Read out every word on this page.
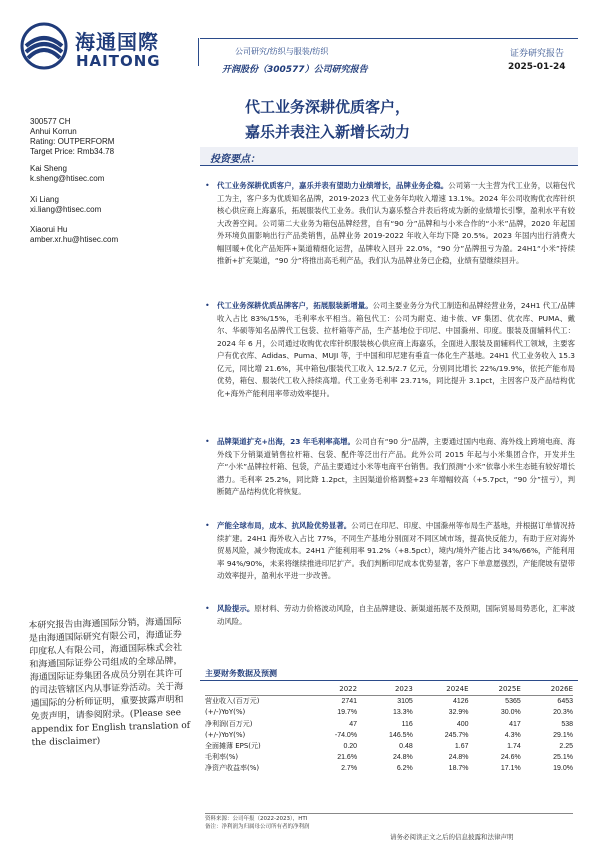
海通国際
HAITONG
公司研究/纺织与服装/纺织
开润股份（300577）公司研究报告
证券研究报告
2025-01-24
代工业务深耕优质客户，
嘉乐并表注入新增长动力
300577 CH
Anhui Korrun
Rating: OUTPERFORM
Target Price: Rmb34.78
Kai Sheng
k.sheng@htisec.com
Xi Liang
xi.liang@htisec.com
Xiaorui Hu
amber.xr.hu@htisec.com
投资要点：
• 代工业务深耕优质客户，嘉乐并表有望助力业绩增长，品牌业务企稳。公司第一大主营为代工业务，以箱包代工为主，客户多为优质知名品牌，2019-2023 代工业务年均收入增速 13.1%。2024 年公司收购优衣库针织核心供应商上海嘉乐，拓展服装代工业务。我们认为嘉乐整合并表后将成为新的业绩增长引擎，盈利水平有较大改善空间。公司第二大业务为箱包品牌经营，自有“90 分”品牌和与小米合作的“小米”品牌，2020 年起国外环境负面影响出行产品类销售，品牌业务 2019-2022 年收入年均下降 20.5%。2023 年国内出行消费大幅回暖+优化产品矩阵+渠道精细化运营，品牌收入回升 22.0%，“90 分”品牌扭亏为盈。24H1“小米”持续推新+扩充渠道，“90 分”将推出高毛利产品，我们认为品牌业务已企稳，业绩有望继续回升。
• 代工业务深耕优质品牌客户，拓展服装新增量。公司主要业务分为代工制造和品牌经营业务，24H1 代工/品牌收入占比 83%/15%，毛利率水平相当。箱包代工：公司为耐克、迪卡侬、VF 集团、优衣库、PUMA、戴尔、华硕等知名品牌代工包袋、拉杆箱等产品，生产基地位于印尼、中国滁州、印度。服装及面辅料代工：2024 年 6 月，公司通过收购优衣库针织服装核心供应商上海嘉乐，全面进入服装及面辅料代工领域，主要客户有优衣库、Adidas、Puma、MUJI 等，于中国和印尼建有垂直一体化生产基地。24H1 代工业务收入 15.3 亿元，同比增 21.6%，其中箱包/服装代工收入 12.5/2.7 亿元，分别同比增长 22%/19.9%，依托产能布局优势，箱包、服装代工收入持续高增。代工业务毛利率 23.71%，同比提升 3.1pct，主因客户及产品结构优化+海外产能利用率带动效率提升。
• 品牌渠道扩充+出海，23 年毛利率高增。公司自有“90 分”品牌，主要通过国内电商、海外线上跨境电商、海外线下分销渠道销售拉杆箱、包袋、配件等泛出行产品。此外公司 2015 年起与小米集团合作，开发并生产“小米”品牌拉杆箱、包袋，产品主要通过小米等电商平台销售。我们预测“小米”依靠小米生态链有较好增长潜力。毛利率 25.2%，同比降 1.2pct，主因渠道价格调整+23 年增幅较高（+5.7pct，“90 分”扭亏），判断随产品结构优化将恢复。
• 产能全球布局，成本、抗风险优势显著。公司已在印尼、印度、中国滁州等布局生产基地，并根据订单情况持续扩建。24H1 海外收入占比 77%，不同生产基地分别面对不同区域市场，提高快反能力，有助于应对海外贸易风险，减少物流成本。24H1 产能利用率 91.2%（+8.5pct），境内/境外产能占比 34%/66%，产能利用率 94%/90%，未来将继续推进印尼扩产。我们判断印尼成本优势显著，客户下单意愿强烈，产能爬坡有望带动效率提升，盈利水平进一步改善。
• 风险提示。原材料、劳动力价格波动风险，自主品牌建设、新渠道拓展不及预期，国际贸易局势恶化，汇率波动风险。
本研究报告由海通国际分销，海通国际是由海通国际研究有限公司，海通证券印度私人有限公司，海通国际株式会社和海通国际证券公司组成的全球品牌，海通国际证券集团各成员分别在其许可的司法管辖区内从事证券活动。关于海通国际的分析师证明，重要披露声明和免责声明，请参阅附录。(Please see appendix for English translation of the disclaimer)
主要财务数据及预测
	2022	2023	2024E	2025E	2026E
营业收入(百万元)	2741	3105	4126	5365	6453
(+/-)YoY(%)	19.7%	13.3%	32.9%	30.0%	20.3%
净利润(百万元)	47	116	400	417	538
(+/-)YoY(%)	-74.0%	146.5%	245.7%	4.3%	29.1%
全面摊薄 EPS(元)	0.20	0.48	1.67	1.74	2.25
毛利率(%)	21.6%	24.8%	24.8%	24.6%	25.1%
净资产收益率(%)	2.7%	6.2%	18.7%	17.1%	19.0%
资料来源：公司年报（2022-2023），HTI
备注：净利润为归属母公司所有者的净利润
请务必阅读正文之后的信息披露和法律声明
